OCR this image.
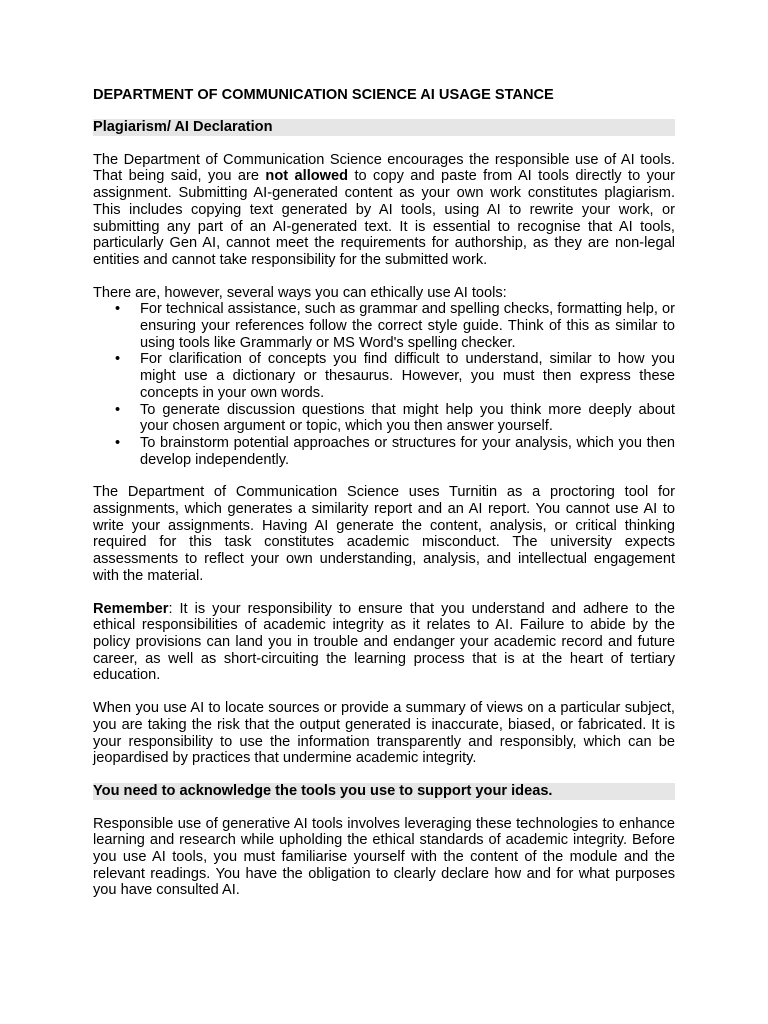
DEPARTMENT OF COMMUNICATION SCIENCE AI USAGE STANCE
Plagiarism/ AI Declaration

The Department of Communication Science encourages the responsible use of AI tools. That being said, you are not allowed to copy and paste from AI tools directly to your assignment. Submitting AI-generated content as your own work constitutes plagiarism. This includes copying text generated by AI tools, using AI to rewrite your work, or submitting any part of an AI-generated text. It is essential to recognise that AI tools, particularly Gen AI, cannot meet the requirements for authorship, as they are non-legal entities and cannot take responsibility for the submitted work.

There are, however, several ways you can ethically use AI tools:

• For technical assistance, such as grammar and spelling checks, formatting help, or ensuring your references follow the correct style guide. Think of this as similar to using tools like Grammarly or MS Word's spelling checker.
• For clarification of concepts you find difficult to understand, similar to how you might use a dictionary or thesaurus. However, you must then express these concepts in your own words.
• To generate discussion questions that might help you think more deeply about your chosen argument or topic, which you then answer yourself.
• To brainstorm potential approaches or structures for your analysis, which you then develop independently.

The Department of Communication Science uses Turnitin as a proctoring tool for assignments, which generates a similarity report and an AI report. You cannot use AI to write your assignments. Having AI generate the content, analysis, or critical thinking required for this task constitutes academic misconduct. The university expects assessments to reflect your own understanding, analysis, and intellectual engagement with the material.

Remember: It is your responsibility to ensure that you understand and adhere to the ethical responsibilities of academic integrity as it relates to AI. Failure to abide by the policy provisions can land you in trouble and endanger your academic record and future career, as well as short-circuiting the learning process that is at the heart of tertiary education.

When you use AI to locate sources or provide a summary of views on a particular subject, you are taking the risk that the output generated is inaccurate, biased, or fabricated. It is your responsibility to use the information transparently and responsibly, which can be jeopardised by practices that undermine academic integrity.

You need to acknowledge the tools you use to support your ideas.

Responsible use of generative AI tools involves leveraging these technologies to enhance learning and research while upholding the ethical standards of academic integrity. Before you use AI tools, you must familiarise yourself with the content of the module and the relevant readings. You have the obligation to clearly declare how and for what purposes you have consulted AI.
